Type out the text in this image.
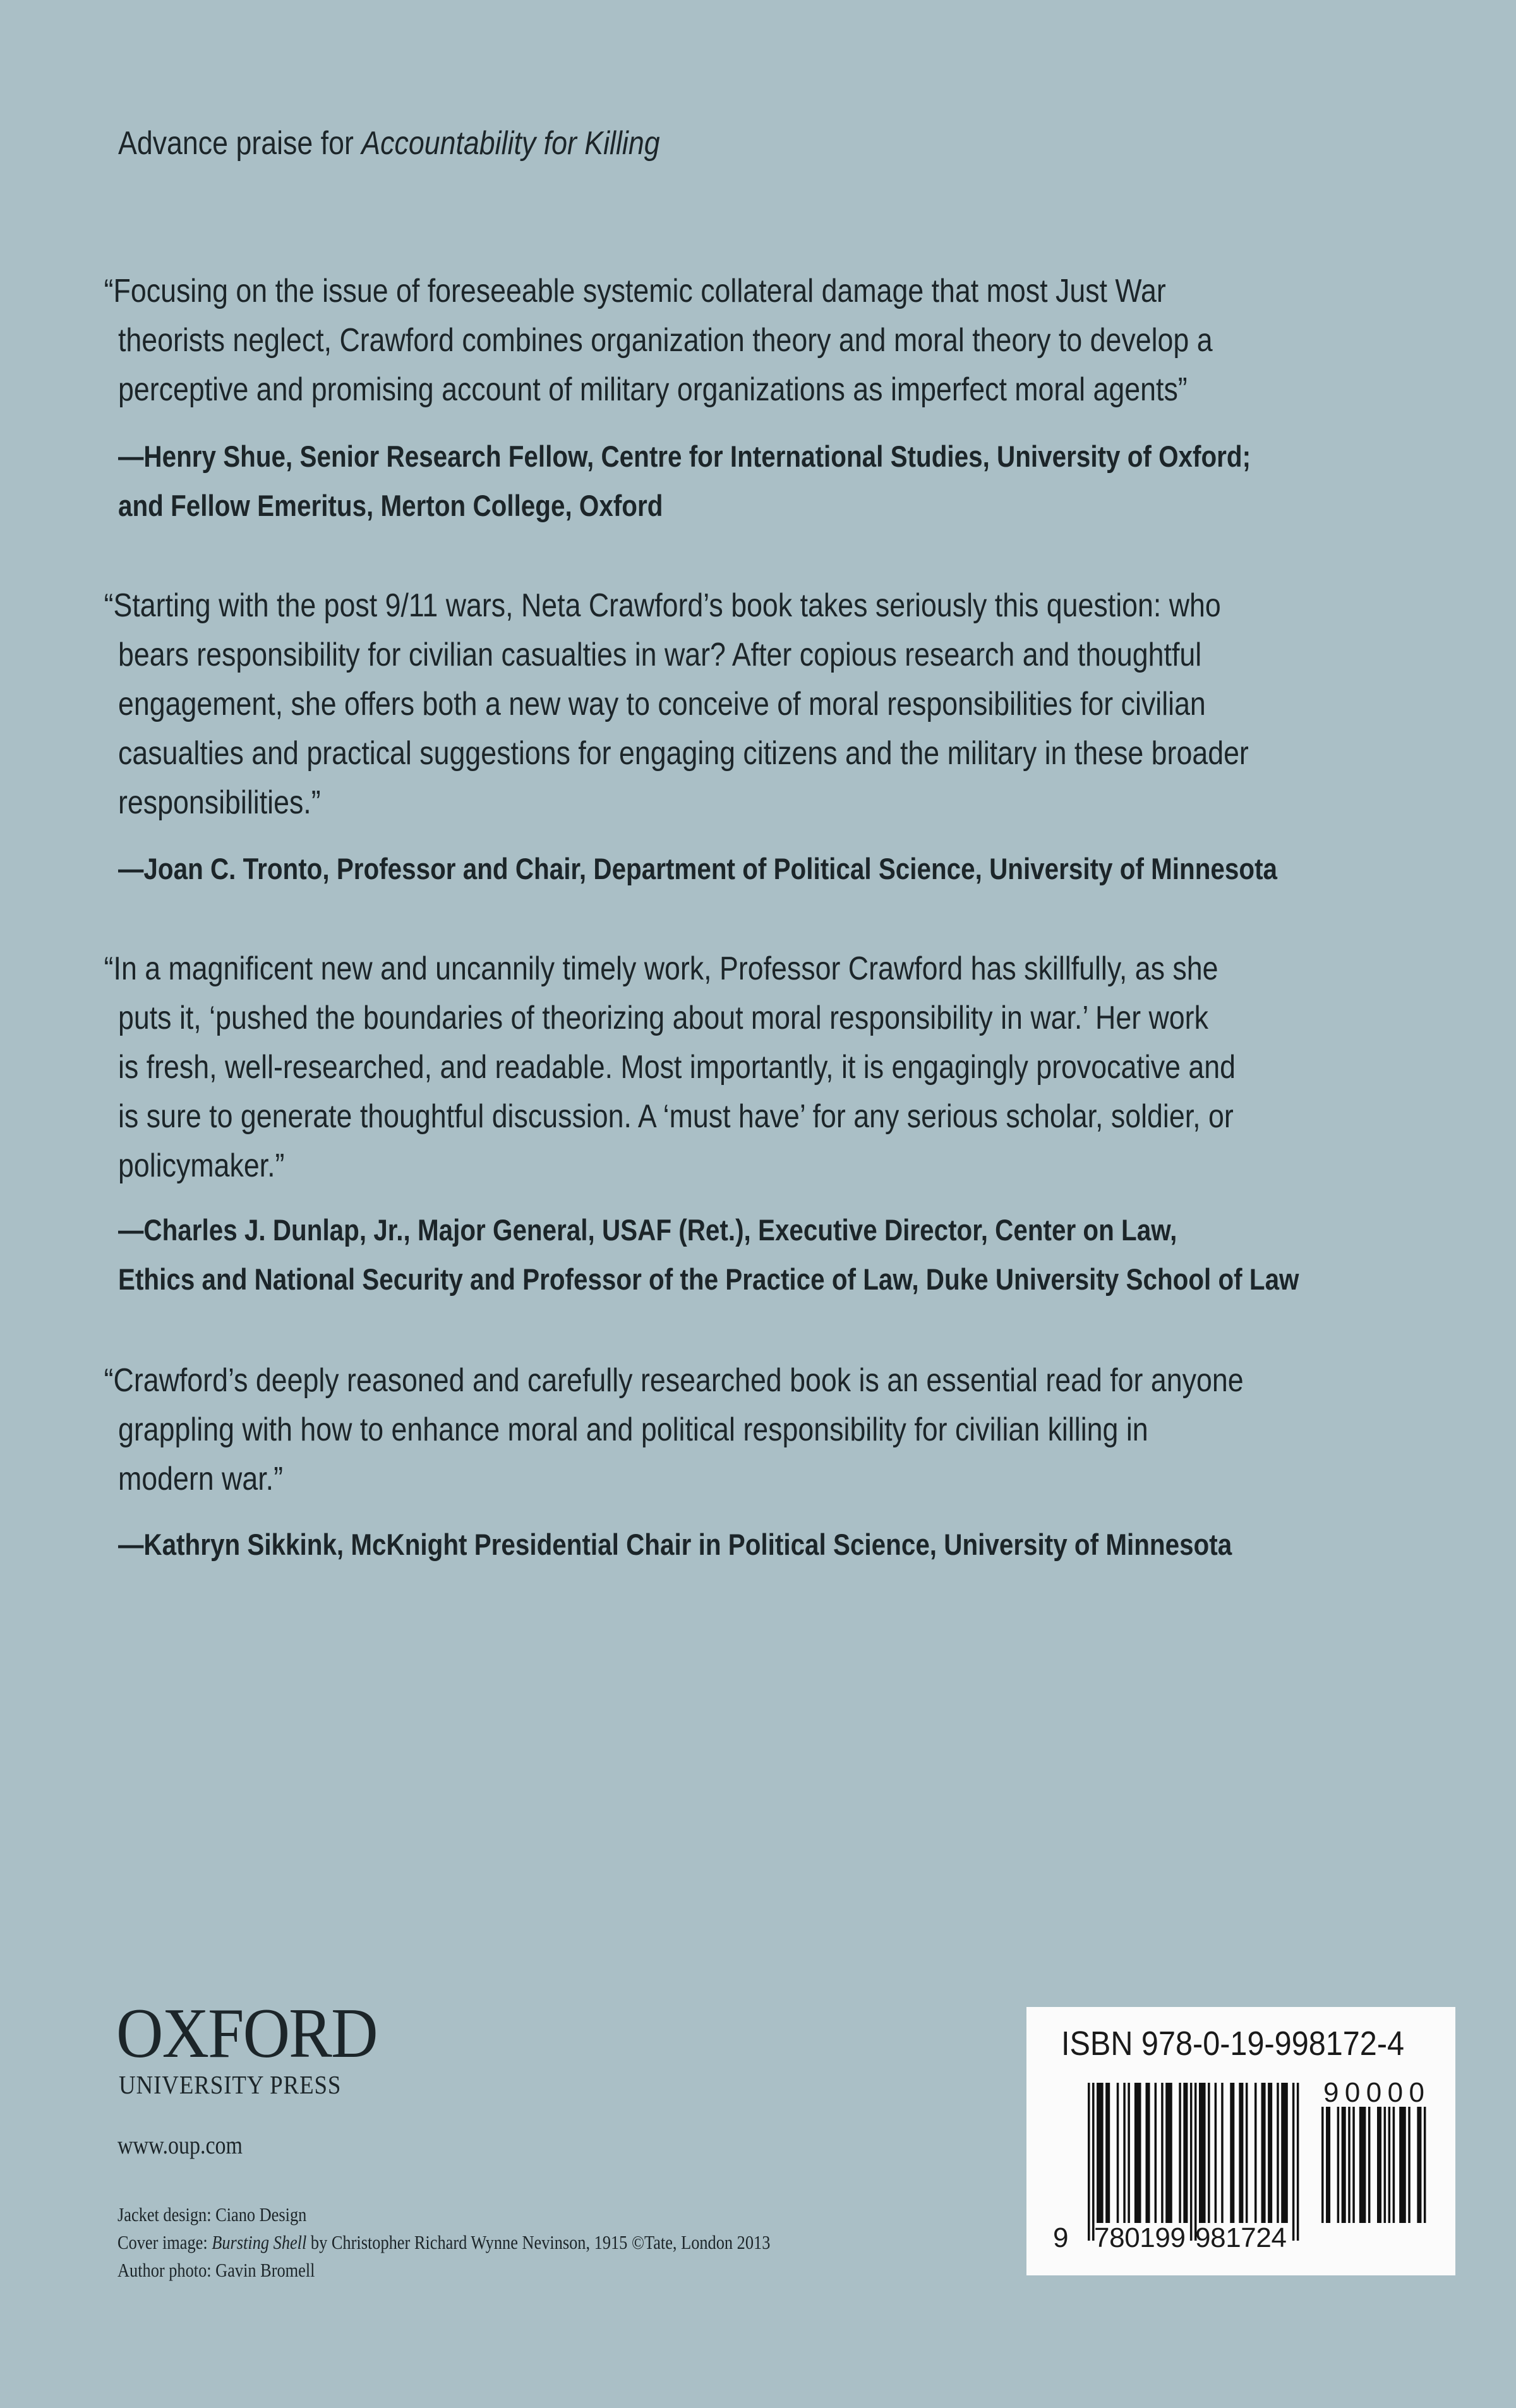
Advance praise for Accountability for Killing
“Focusing on the issue of foreseeable systemic collateral damage that most Just War
theorists neglect, Crawford combines organization theory and moral theory to develop a
perceptive and promising account of military organizations as imperfect moral agents”
—Henry Shue, Senior Research Fellow, Centre for International Studies, University of Oxford;
and Fellow Emeritus, Merton College, Oxford
“Starting with the post 9/11 wars, Neta Crawford’s book takes seriously this question: who
bears responsibility for civilian casualties in war? After copious research and thoughtful
engagement, she offers both a new way to conceive of moral responsibilities for civilian
casualties and practical suggestions for engaging citizens and the military in these broader
responsibilities.”
—Joan C. Tronto, Professor and Chair, Department of Political Science, University of Minnesota
“In a magnificent new and uncannily timely work, Professor Crawford has skillfully, as she
puts it, ‘pushed the boundaries of theorizing about moral responsibility in war.’ Her work
is fresh, well-researched, and readable. Most importantly, it is engagingly provocative and
is sure to generate thoughtful discussion. A ‘must have’ for any serious scholar, soldier, or
policymaker.”
—Charles J. Dunlap, Jr., Major General, USAF (Ret.), Executive Director, Center on Law,
Ethics and National Security and Professor of the Practice of Law, Duke University School of Law
“Crawford’s deeply reasoned and carefully researched book is an essential read for anyone
grappling with how to enhance moral and political responsibility for civilian killing in
modern war.”
—Kathryn Sikkink, McKnight Presidential Chair in Political Science, University of Minnesota
OXFORD
UNIVERSITY PRESS
www.oup.com
Jacket design: Ciano Design
Cover image: Bursting Shell by Christopher Richard Wynne Nevinson, 1915 ©Tate, London 2013
Author photo: Gavin Bromell
ISBN 978-0-19-998172-4
9 780199 981724
90000
